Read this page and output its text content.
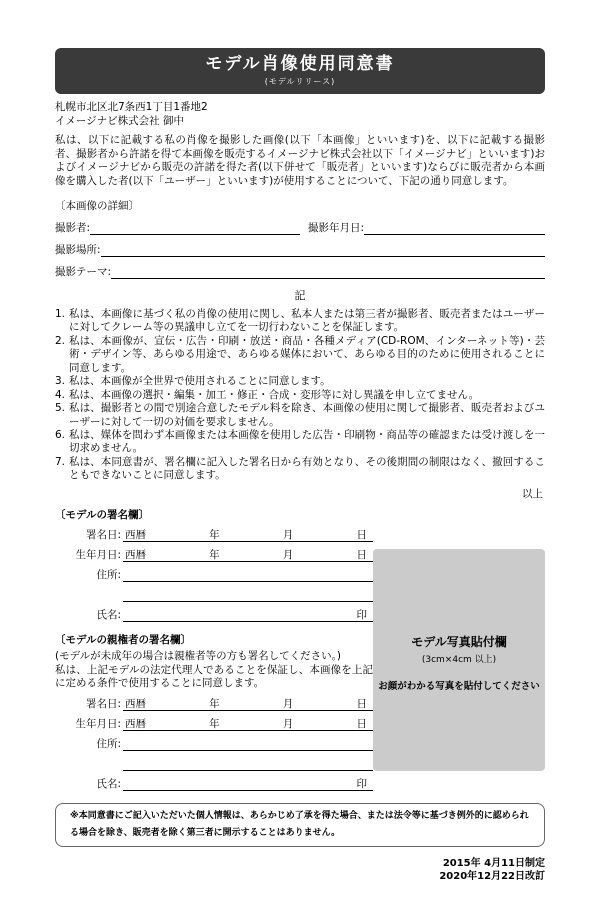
モデル肖像使用同意書
(モデルリリース)
札幌市北区北7条西1丁目1番地2
イメージナビ株式会社 御中
私は、以下に記載する私の肖像を撮影した画像(以下「本画像」といいます)を、以下に記載する撮影者、撮影者から許諾を得て本画像を販売するイメージナビ株式会社以下「イメージナビ」といいます)およびイメージナビから販売の許諾を得た者(以下併せて「販売者」といいます)ならびに販売者から本画像を購入した者(以下「ユーザー」といいます)が使用することについて、下記の通り同意します。
〔本画像の詳細〕
撮影者:	撮影年月日:
撮影場所:
撮影テーマ:
記
1. 私は、本画像に基づく私の肖像の使用に関し、私本人または第三者が撮影者、販売者またはユーザーに対してクレーム等の異議申し立てを一切行わないことを保証します。
2. 私は、本画像が、宣伝・広告・印刷・放送・商品・各種メディア(CD-ROM、インターネット等)・芸術・デザイン等、あらゆる用途で、あらゆる媒体において、あらゆる目的のために使用されることに同意します。
3. 私は、本画像が全世界で使用されることに同意します。
4. 私は、本画像の選択・編集・加工・修正・合成・変形等に対し異議を申し立てません。
5. 私は、撮影者との間で別途合意したモデル料を除き、本画像の使用に関して撮影者、販売者およびユーザーに対して一切の対価を要求しません。
6. 私は、媒体を問わず本画像または本画像を使用した広告・印刷物・商品等の確認または受け渡しを一切求めません。
7. 私は、本同意書が、署名欄に記入した署名日から有効となり、その後期間の制限はなく、撤回することもできないことに同意します。
以上
〔モデルの署名欄〕
署名日: 西暦	年	月	日
生年月日: 西暦	年	月	日
住所:
氏名:	印
〔モデルの親権者の署名欄〕
(モデルが未成年の場合は親権者等の方も署名してください。)
私は、上記モデルの法定代理人であることを保証し、本画像を上記に定める条件で使用することに同意します。
署名日: 西暦	年	月	日
生年月日: 西暦	年	月	日
住所:
氏名:	印
モデル写真貼付欄
(3cm×4cm 以上)
お顔がわかる写真を貼付してください
※本同意書にご記入いただいた個人情報は、あらかじめ了承を得た場合、または法令等に基づき例外的に認められる場合を除き、販売者を除く第三者に開示することはありません。
2015年 4月11日制定
2020年12月22日改訂
